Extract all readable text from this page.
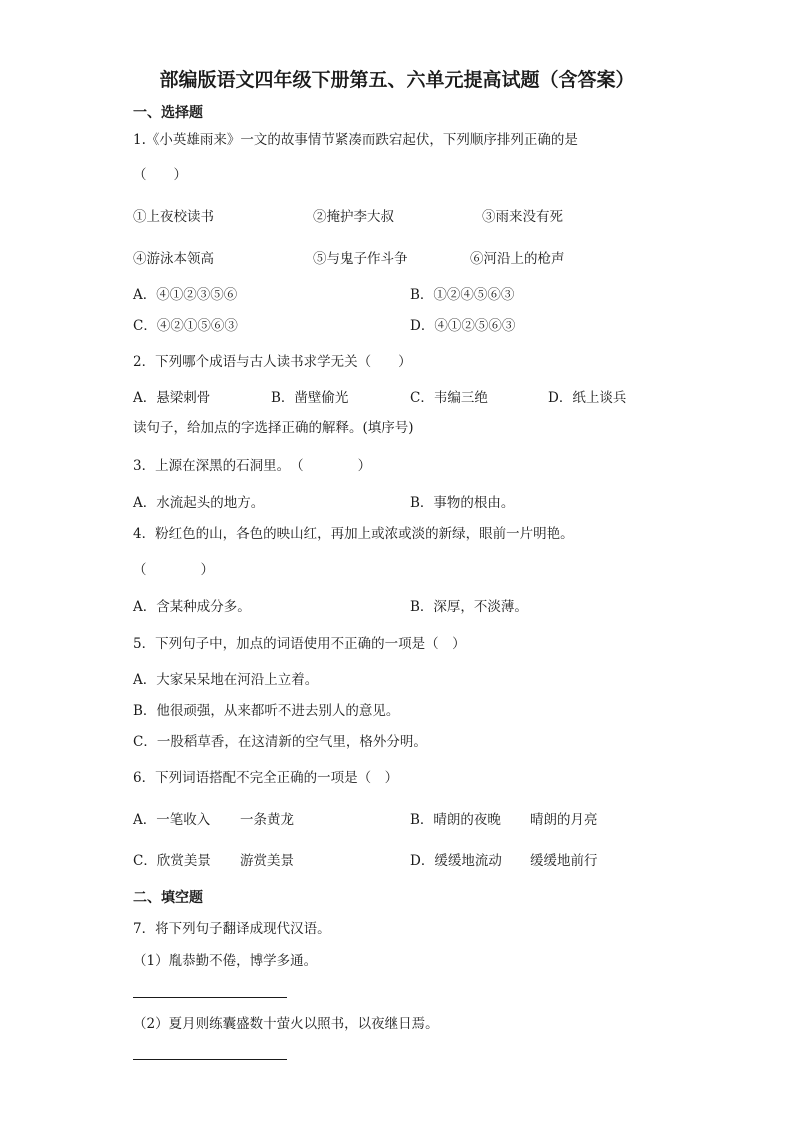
部编版语文四年级下册第五、六单元提高试题（含答案）
一、选择题
1.《小英雄雨来》一文的故事情节紧凑而跌宕起伏，下列顺序排列正确的是
（　　）
①上夜校读书	②掩护李大叔	③雨来没有死
④游泳本领高	⑤与鬼子作斗争	⑥河沿上的枪声
A．④①②③⑤⑥	B．①②④⑤⑥③
C．④②①⑤⑥③	D．④①②⑤⑥③
2．下列哪个成语与古人读书求学无关（　　）
A．悬梁刺骨	B．凿壁偷光	C．韦编三绝	D．纸上谈兵
读句子，给加点的字选择正确的解释。(填序号)
3．上源在深黑的石洞里。　（　　　　）
A．水流起头的地方。	B．事物的根由。
4．粉红色的山，各色的映山红，再加上或浓或淡的新绿，眼前一片明艳。
（　　　　）
A．含某种成分多。	B．深厚，不淡薄。
5．下列句子中，加点的词语使用不正确的一项是（　）
A．大家呆呆地在河沿上立着。
B．他很顽强，从来都听不进去别人的意见。
C．一股稻草香，在这清新的空气里，格外分明。
6．下列词语搭配不完全正确的一项是（　）
A．一笔收入 一条黄龙	B．晴朗的夜晚 晴朗的月亮
C．欣赏美景 游赏美景	D．缓缓地流动 缓缓地前行
二、填空题
7．将下列句子翻译成现代汉语。
（1）胤恭勤不倦，博学多通。
（2）夏月则练囊盛数十萤火以照书，以夜继日焉。
